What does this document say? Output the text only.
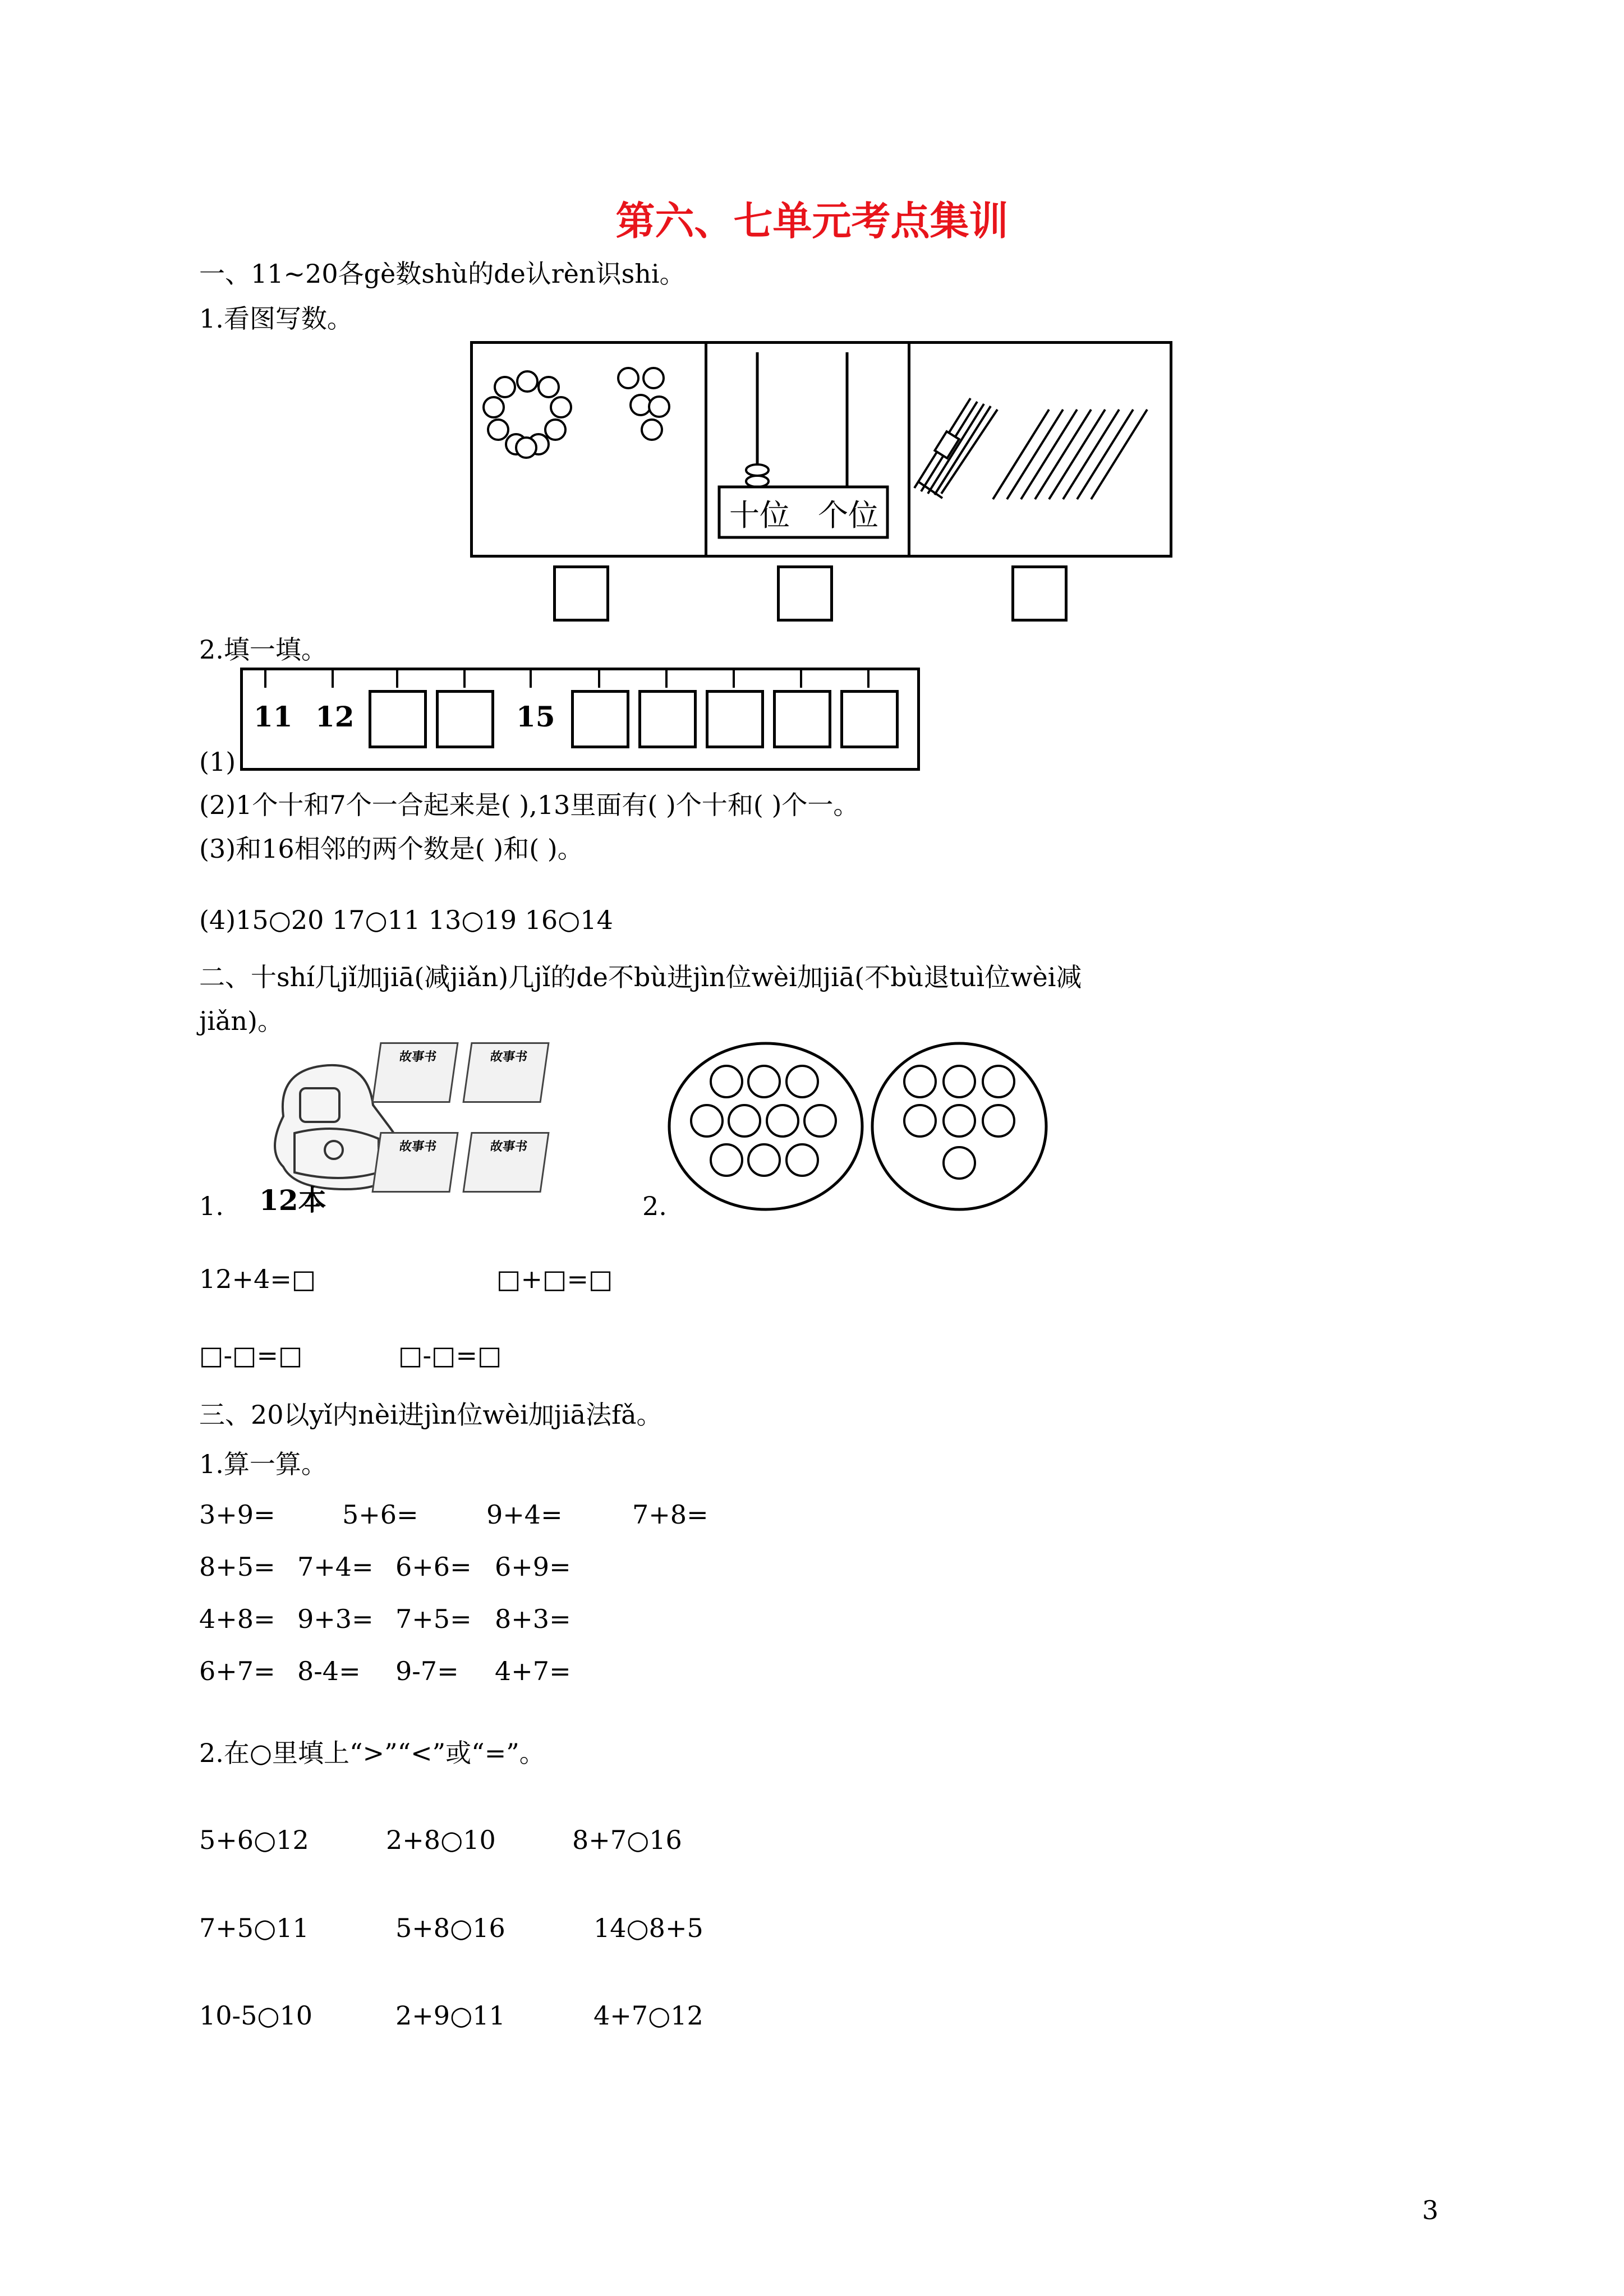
第六、七单元考点集训
一、11~20各gè数shù的de认rèn识shi。
1.看图写数。
十位 个位
2.填一填。
11 12	15
(1)
(2)1个十和7个一合起来是( ),13里面有( )个十和( )个一。
(3)和16相邻的两个数是( )和( )。
(4)15○20 17○11 13○19 16○14
二、十shí几jǐ加jiā(减jiǎn)几jǐ的de不bù进jìn位wèi加jiā(不bù退tuì位wèi减
jiǎn)。
12本
故事书	故事书
故事书	故事书
1.	2.
12+4=□	□+□=□
□-□=□	□-□=□
三、20以yǐ内nèi进jìn位wèi加jiā法fǎ。
1.算一算。
3+9=	5+6=	9+4=	7+8=
8+5= 7+4= 6+6= 6+9=
4+8= 9+3= 7+5= 8+3=
6+7= 8-4= 9-7= 4+7=
2.在○里填上“>”“<”或“=”。
5+6○12	2+8○10	8+7○16
7+5○11	5+8○16	14○8+5
10-5○10	2+9○11	4+7○12
3
